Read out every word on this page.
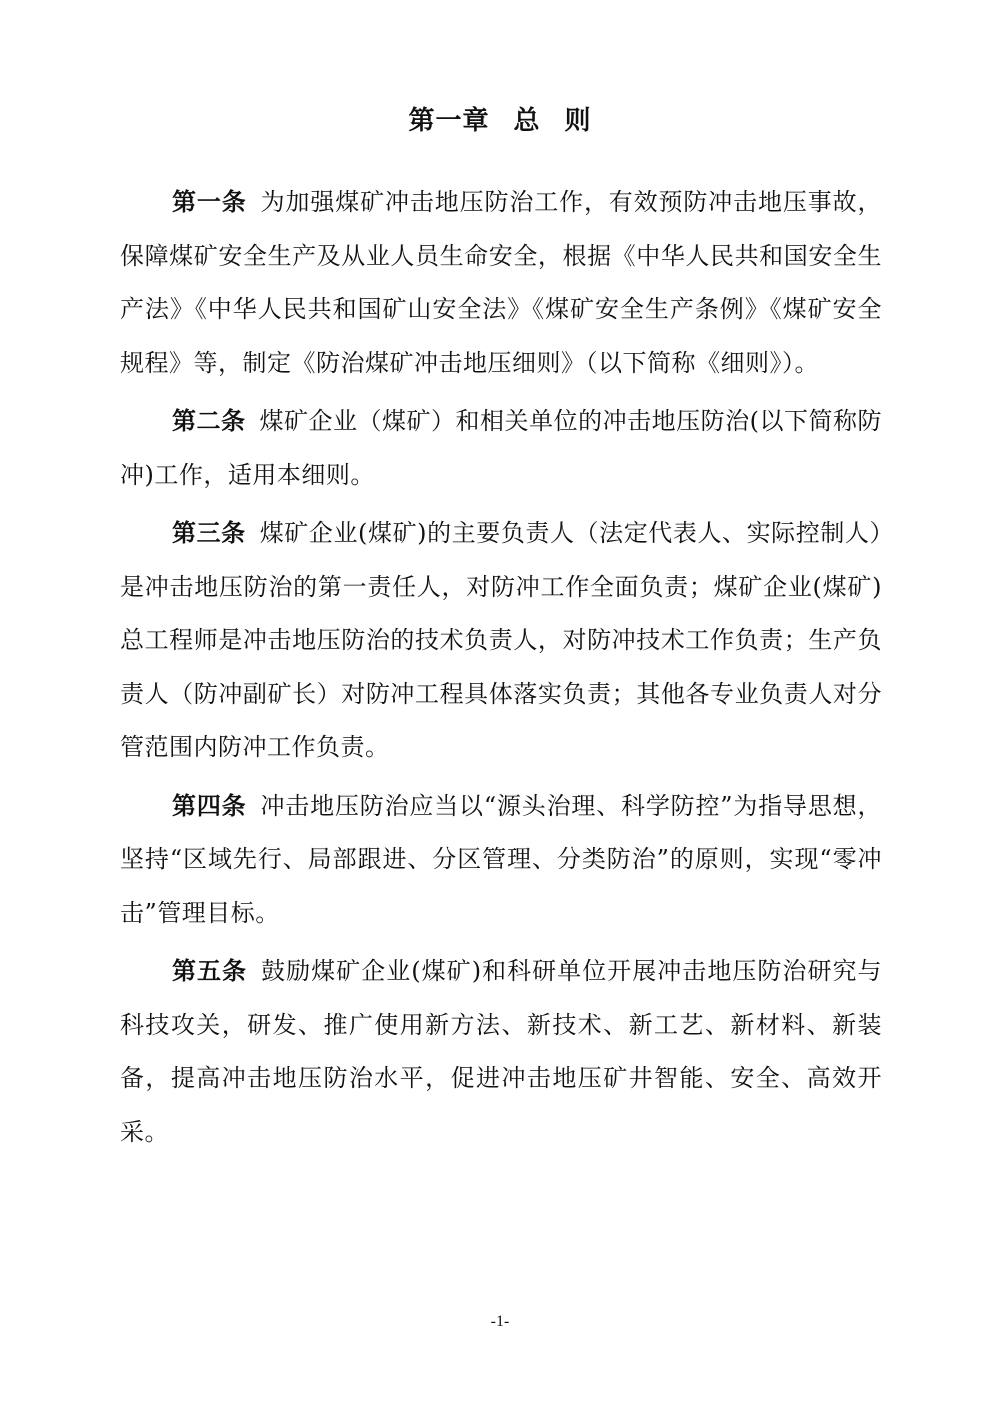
第一章 总 则

第一条 为加强煤矿冲击地压防治工作，有效预防冲击地压事故，保障煤矿安全生产及从业人员生命安全，根据《中华人民共和国安全生产法》《中华人民共和国矿山安全法》《煤矿安全生产条例》《煤矿安全规程》等，制定《防治煤矿冲击地压细则》（以下简称《细则》）。

第二条 煤矿企业（煤矿）和相关单位的冲击地压防治(以下简称防冲)工作，适用本细则。

第三条 煤矿企业(煤矿)的主要负责人（法定代表人、实际控制人）是冲击地压防治的第一责任人，对防冲工作全面负责；煤矿企业(煤矿)总工程师是冲击地压防治的技术负责人，对防冲技术工作负责；生产负责人（防冲副矿长）对防冲工程具体落实负责；其他各专业负责人对分管范围内防冲工作负责。

第四条 冲击地压防治应当以“源头治理、科学防控”为指导思想，坚持“区域先行、局部跟进、分区管理、分类防治”的原则，实现“零冲击”管理目标。

第五条 鼓励煤矿企业(煤矿)和科研单位开展冲击地压防治研究与科技攻关，研发、推广使用新方法、新技术、新工艺、新材料、新装备，提高冲击地压防治水平，促进冲击地压矿井智能、安全、高效开采。

-1-
